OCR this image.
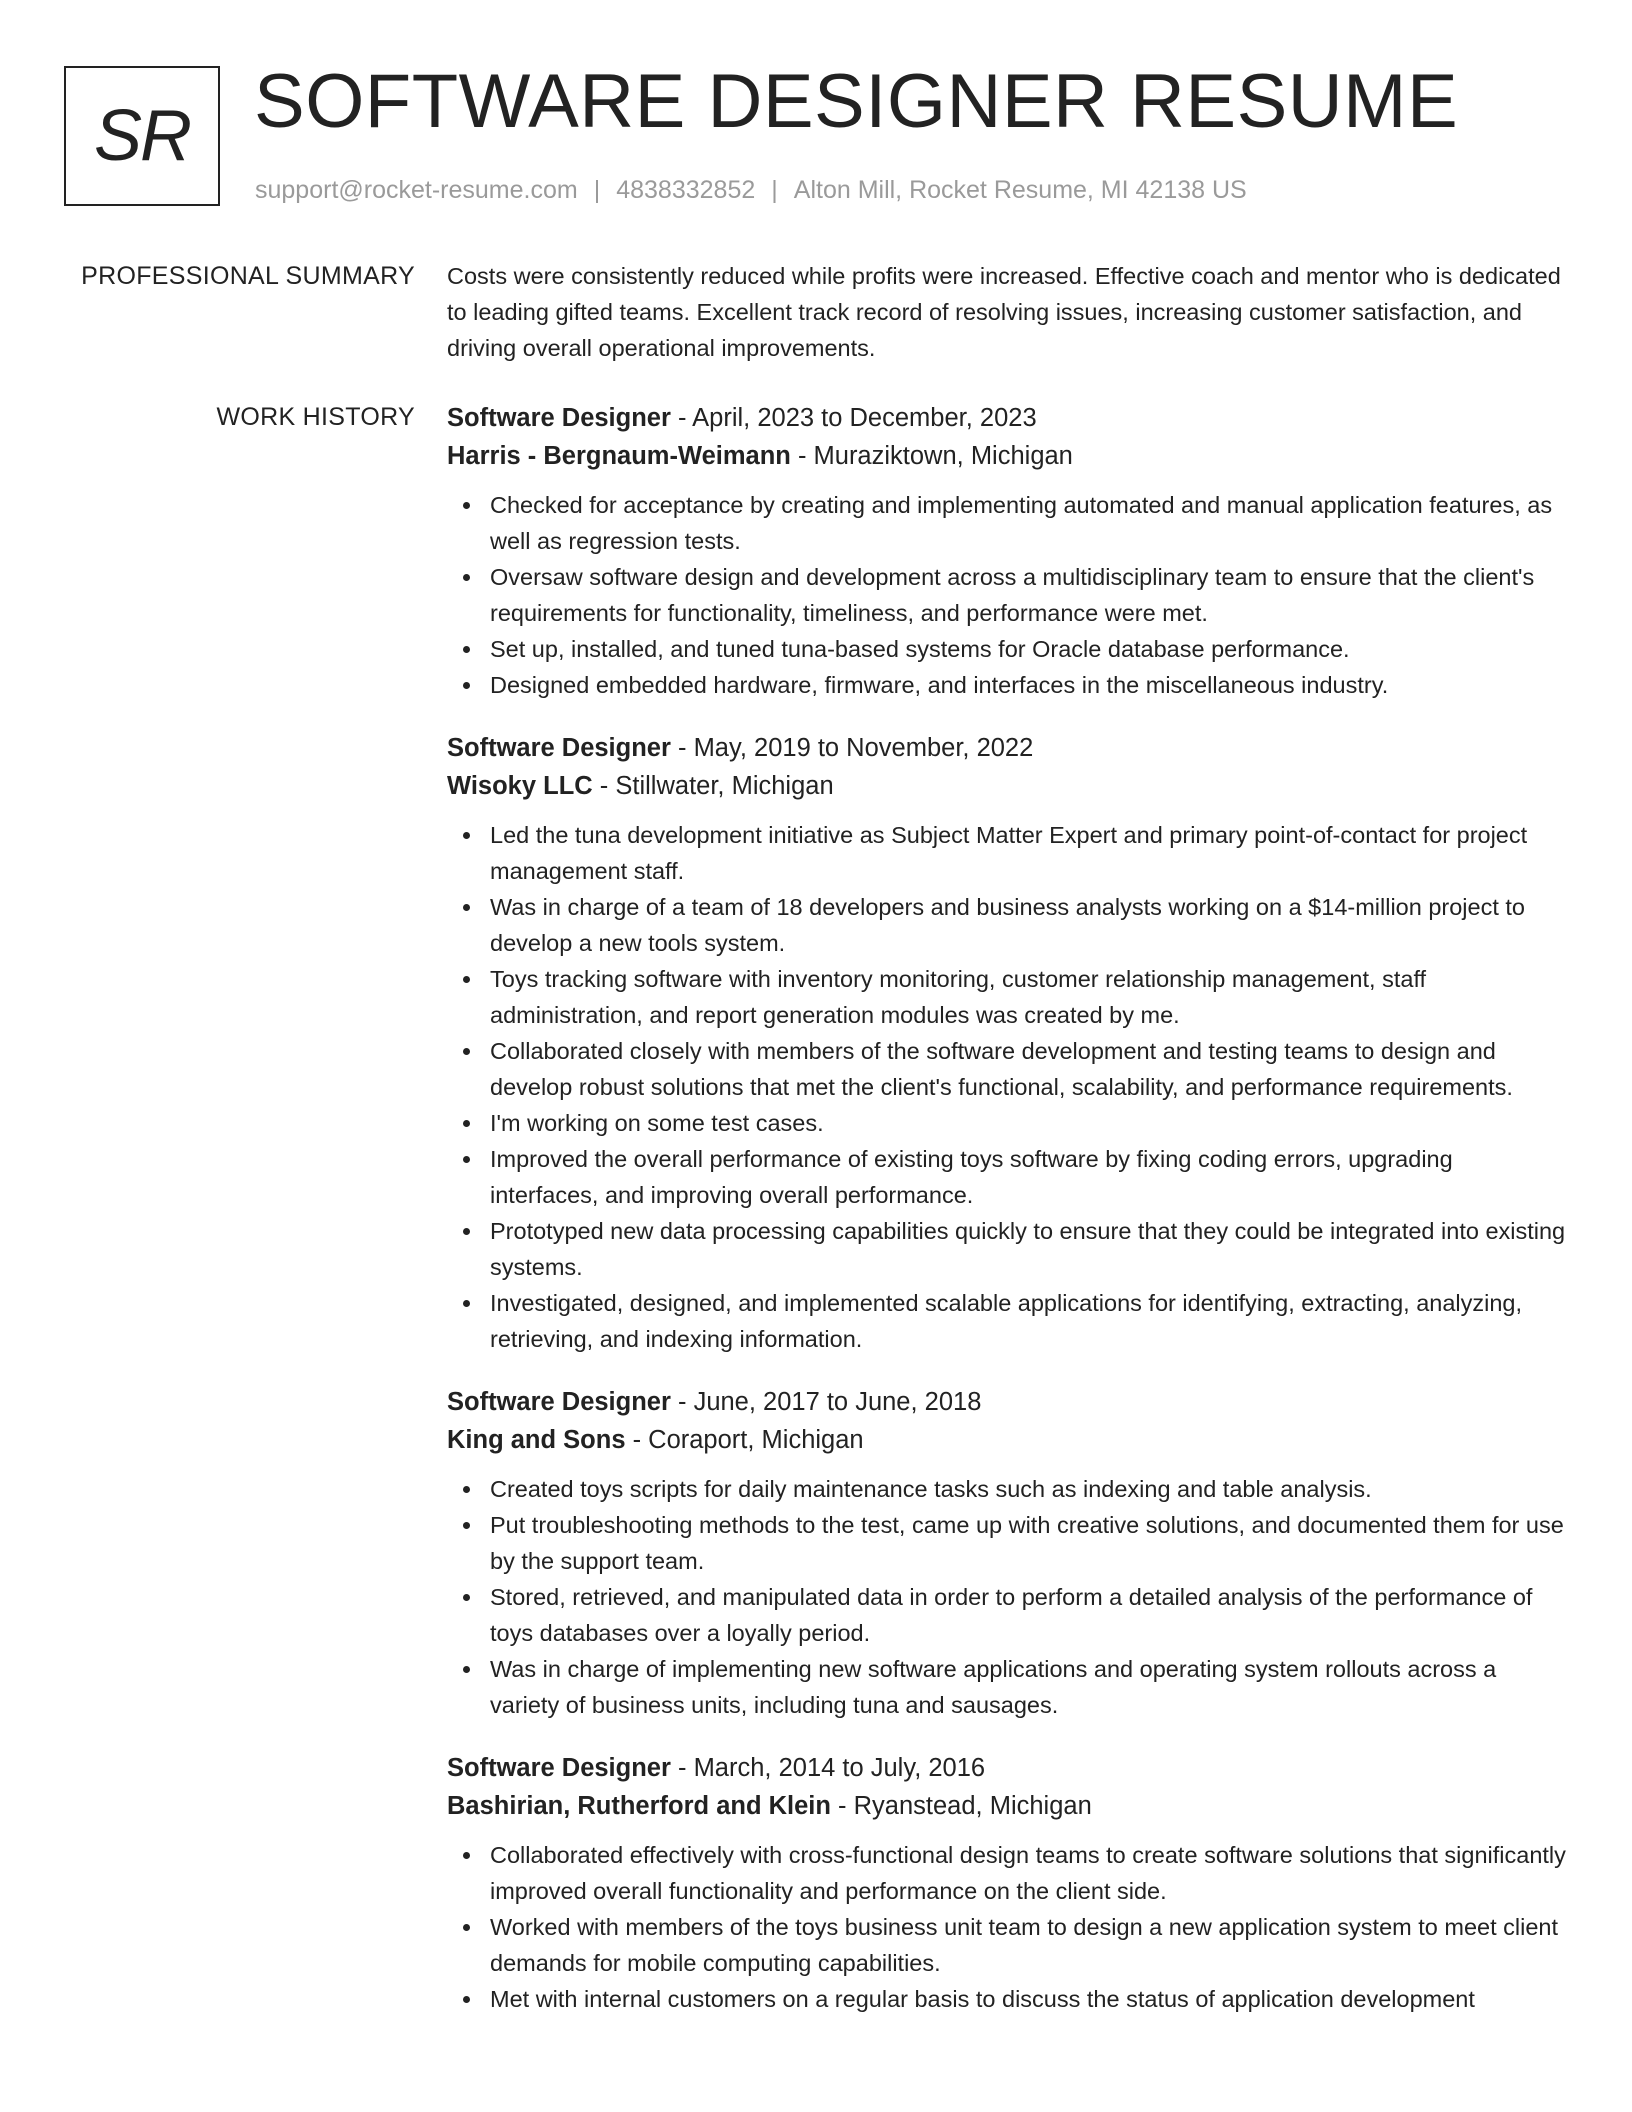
SR SOFTWARE DESIGNER RESUME
support@rocket-resume.com | 4838332852 | Alton Mill, Rocket Resume, MI 42138 US
PROFESSIONAL SUMMARY Costs were consistently reduced while profits were increased. Effective coach and mentor who is dedicated to leading gifted teams. Excellent track record of resolving issues, increasing customer satisfaction, and driving overall operational improvements.

WORK HISTORY Software Designer - April, 2023 to December, 2023
Harris - Bergnaum-Weimann - Muraziktown, Michigan
Checked for acceptance by creating and implementing automated and manual application features, as well as regression tests.
Oversaw software design and development across a multidisciplinary team to ensure that the client's requirements for functionality, timeliness, and performance were met.
Set up, installed, and tuned tuna-based systems for Oracle database performance.
Designed embedded hardware, firmware, and interfaces in the miscellaneous industry.
Software Designer - May, 2019 to November, 2022
Wisoky LLC - Stillwater, Michigan
Led the tuna development initiative as Subject Matter Expert and primary point-of-contact for project management staff.
Was in charge of a team of 18 developers and business analysts working on a $14-million project to develop a new tools system.
Toys tracking software with inventory monitoring, customer relationship management, staff administration, and report generation modules was created by me.
Collaborated closely with members of the software development and testing teams to design and develop robust solutions that met the client's functional, scalability, and performance requirements.
I'm working on some test cases.
Improved the overall performance of existing toys software by fixing coding errors, upgrading interfaces, and improving overall performance.
Prototyped new data processing capabilities quickly to ensure that they could be integrated into existing systems.
Investigated, designed, and implemented scalable applications for identifying, extracting, analyzing, retrieving, and indexing information.
Software Designer - June, 2017 to June, 2018
King and Sons - Coraport, Michigan
Created toys scripts for daily maintenance tasks such as indexing and table analysis.
Put troubleshooting methods to the test, came up with creative solutions, and documented them for use by the support team.
Stored, retrieved, and manipulated data in order to perform a detailed analysis of the performance of toys databases over a loyally period.
Was in charge of implementing new software applications and operating system rollouts across a variety of business units, including tuna and sausages.
Software Designer - March, 2014 to July, 2016
Bashirian, Rutherford and Klein - Ryanstead, Michigan
Collaborated effectively with cross-functional design teams to create software solutions that significantly improved overall functionality and performance on the client side.
Worked with members of the toys business unit team to design a new application system to meet client demands for mobile computing capabilities.
Met with internal customers on a regular basis to discuss the status of application development
